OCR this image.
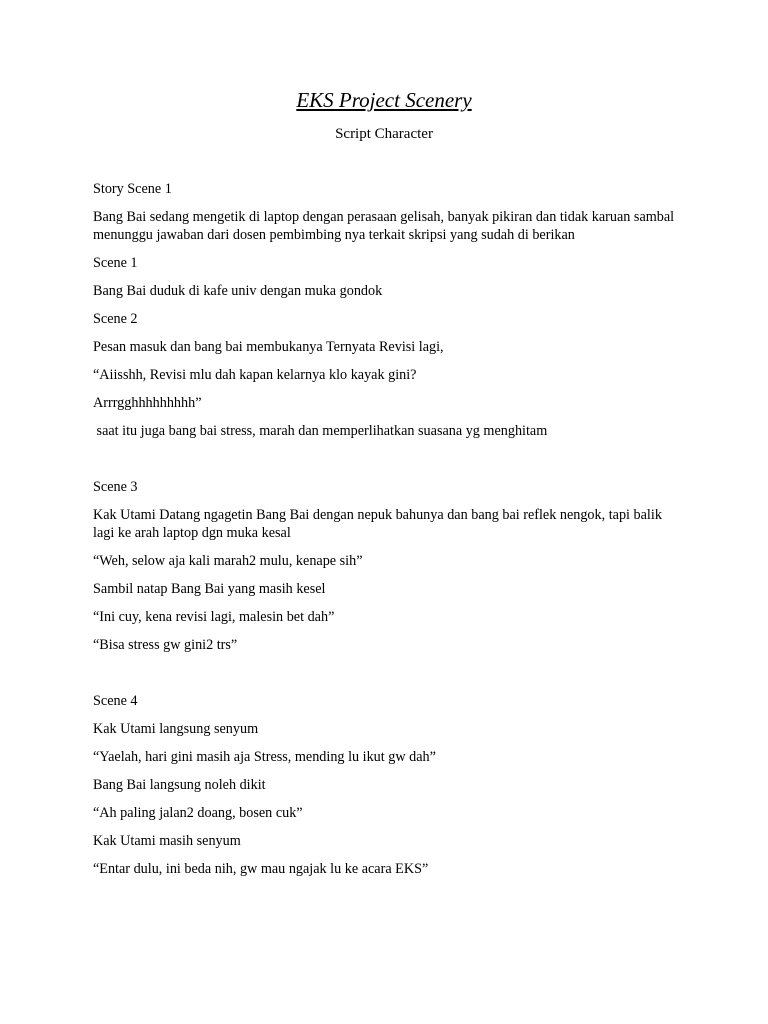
EKS Project Scenery
Script Character

Story Scene 1

Bang Bai sedang mengetik di laptop dengan perasaan gelisah, banyak pikiran dan tidak karuan sambal menunggu jawaban dari dosen pembimbing nya terkait skripsi yang sudah di berikan

Scene 1

Bang Bai duduk di kafe univ dengan muka gondok

Scene 2

Pesan masuk dan bang bai membukanya Ternyata Revisi lagi,

“Aiisshh, Revisi mlu dah kapan kelarnya klo kayak gini?

Arrrgghhhhhhhhh”

saat itu juga bang bai stress, marah dan memperlihatkan suasana yg menghitam

Scene 3

Kak Utami Datang ngagetin Bang Bai dengan nepuk bahunya dan bang bai reflek nengok, tapi balik lagi ke arah laptop dgn muka kesal

“Weh, selow aja kali marah2 mulu, kenape sih”

Sambil natap Bang Bai yang masih kesel

“Ini cuy, kena revisi lagi, malesin bet dah”

“Bisa stress gw gini2 trs”

Scene 4

Kak Utami langsung senyum

“Yaelah, hari gini masih aja Stress, mending lu ikut gw dah”

Bang Bai langsung noleh dikit

“Ah paling jalan2 doang, bosen cuk”

Kak Utami masih senyum

“Entar dulu, ini beda nih, gw mau ngajak lu ke acara EKS”
